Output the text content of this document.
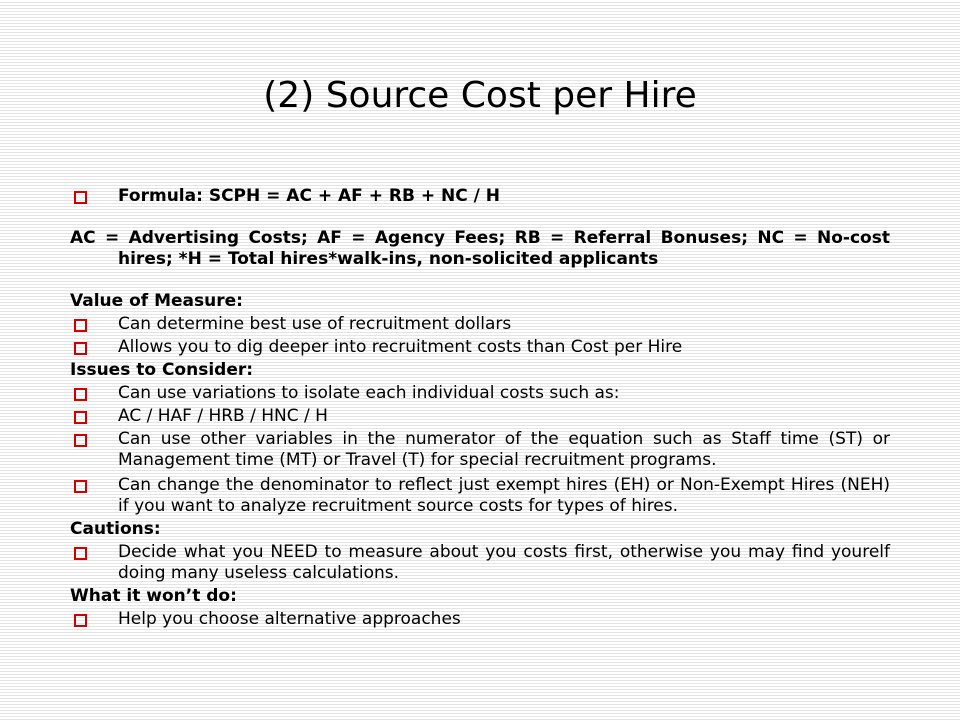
(2) Source Cost per Hire
Formula: SCPH = AC + AF + RB + NC / H
AC = Advertising Costs; AF = Agency Fees; RB = Referral Bonuses; NC = No-cost hires; *H = Total hires*walk-ins, non-solicited applicants
Value of Measure:
Can determine best use of recruitment dollars
Allows you to dig deeper into recruitment costs than Cost per Hire
Issues to Consider:
Can use variations to isolate each individual costs such as:
AC / HAF / HRB / HNC / H
Can use other variables in the numerator of the equation such as Staff time (ST) or Management time (MT) or Travel (T) for special recruitment programs.
Can change the denominator to reflect just exempt hires (EH) or Non-Exempt Hires (NEH) if you want to analyze recruitment source costs for types of hires.
Cautions:
Decide what you NEED to measure about you costs first, otherwise you may find yourelf doing many useless calculations.
What it won’t do:
Help you choose alternative approaches
